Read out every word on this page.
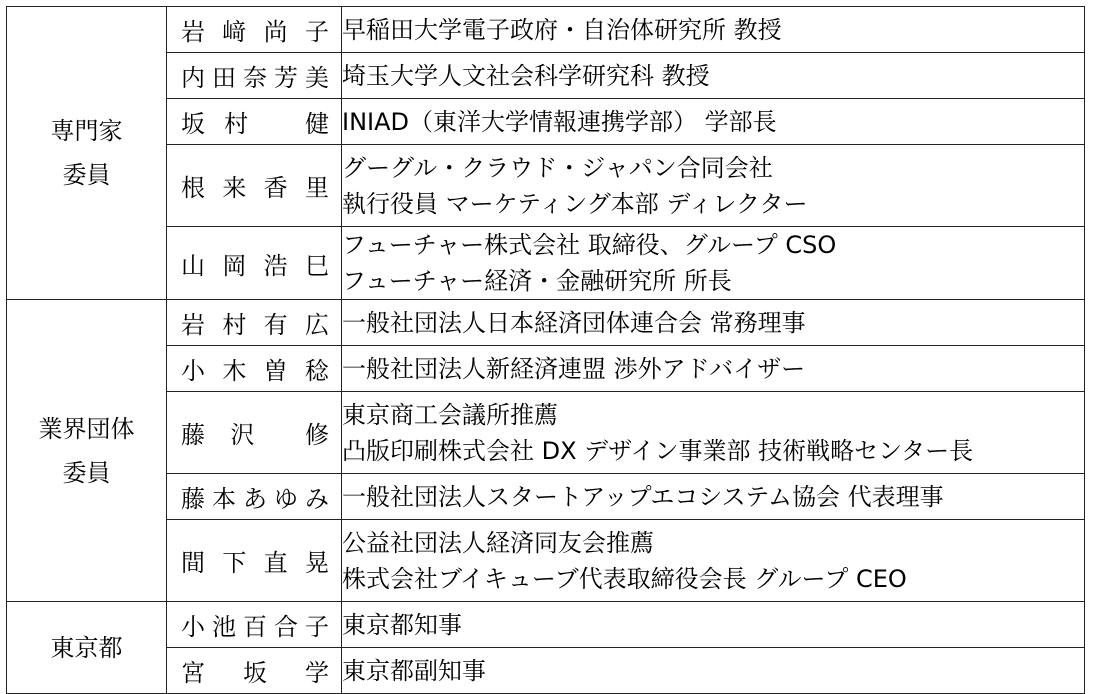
専門家
委員	岩 﨑 尚 子	早稲田大学電子政府・自治体研究所 教授

	内 田 奈 芳 美	埼玉大学人文社会科学研究科 教授

	坂 村 健	INIAD（東洋大学情報連携学部） 学部長

	根 来 香 里	グーグル・クラウド・ジャパン合同会社
執行役員 マーケティング本部 ディレクター

	山 岡 浩 巳	フューチャー株式会社 取締役、グループ CSO
フューチャー経済・金融研究所 所長

業界団体
委員	岩 村 有 広	一般社団法人日本経済団体連合会 常務理事

	小 木 曽 稔	一般社団法人新経済連盟 渉外アドバイザー

	藤 沢 修	東京商工会議所推薦
凸版印刷株式会社 DX デザイン事業部 技術戦略センター長

	藤 本 あ ゆ み	一般社団法人スタートアップエコシステム協会 代表理事

	間 下 直 晃	公益社団法人経済同友会推薦
株式会社ブイキューブ代表取締役会長 グループ CEO

東京都	小 池 百 合 子	東京都知事

	宮 坂 学	東京都副知事
